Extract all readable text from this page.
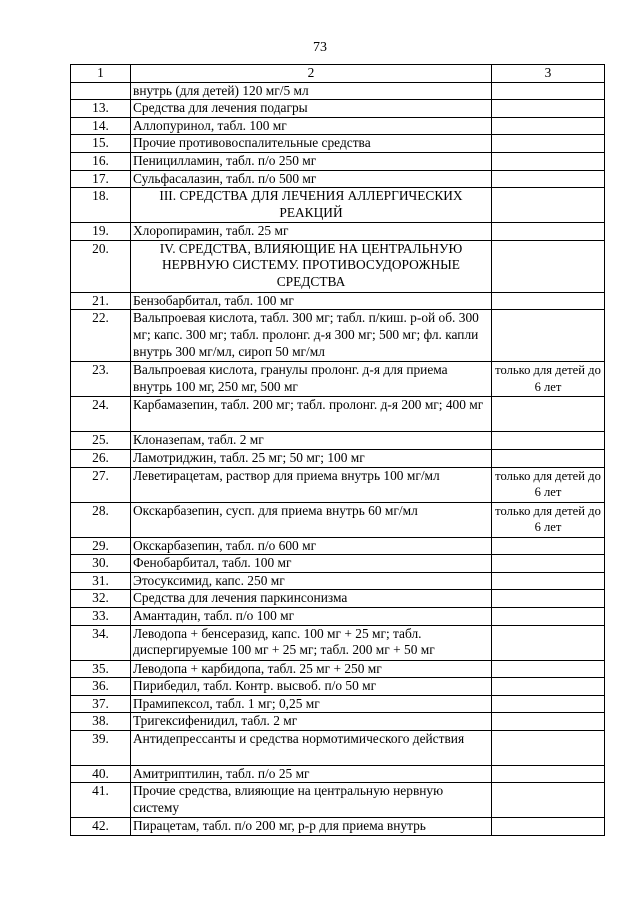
73
1	2	3
	внутрь (для детей) 120 мг/5 мл	
13.	Средства для лечения подагры	
14.	Аллопуринол, табл. 100 мг	
15.	Прочие противовоспалительные средства	
16.	Пеницилламин, табл. п/о 250 мг	
17.	Сульфасалазин, табл. п/о 500 мг	
18.	III. СРЕДСТВА ДЛЯ ЛЕЧЕНИЯ АЛЛЕРГИЧЕСКИХ РЕАКЦИЙ	
19.	Хлоропирамин, табл. 25 мг	
20.	IV. СРЕДСТВА, ВЛИЯЮЩИЕ НА ЦЕНТРАЛЬНУЮ НЕРВНУЮ СИСТЕМУ. ПРОТИВОСУДОРОЖНЫЕ СРЕДСТВА	
21.	Бензобарбитал, табл. 100 мг	
22.	Вальпроевая кислота, табл. 300 мг; табл. п/киш. р-ой об. 300 мг; капс. 300 мг; табл. пролонг. д-я 300 мг; 500 мг; фл. капли внутрь 300 мг/мл, сироп 50 мг/мл	
23.	Вальпроевая кислота, гранулы пролонг. д-я для приема внутрь 100 мг, 250 мг, 500 мг	только для детей до 6 лет
24.	Карбамазепин, табл. 200 мг; табл. пролонг. д-я 200 мг; 400 мг	
25.	Клоназепам, табл. 2 мг	
26.	Ламотриджин, табл. 25 мг; 50 мг; 100 мг	
27.	Леветирацетам, раствор для приема внутрь 100 мг/мл	только для детей до 6 лет
28.	Окскарбазепин, сусп. для приема внутрь 60 мг/мл	только для детей до 6 лет
29.	Окскарбазепин, табл. п/о 600 мг	
30.	Фенобарбитал, табл. 100 мг	
31.	Этосуксимид, капс. 250 мг	
32.	Средства для лечения паркинсонизма	
33.	Амантадин, табл. п/о 100 мг	
34.	Леводопа + бенсеразид, капс. 100 мг + 25 мг; табл. диспергируемые 100 мг + 25 мг; табл. 200 мг + 50 мг	
35.	Леводопа + карбидопа, табл. 25 мг + 250 мг	
36.	Пирибедил, табл. Контр. высвоб. п/о 50 мг	
37.	Прамипексол, табл. 1 мг; 0,25 мг	
38.	Тригексифенидил, табл. 2 мг	
39.	Антидепрессанты и средства нормотимического действия	
40.	Амитриптилин, табл. п/о 25 мг	
41.	Прочие средства, влияющие на центральную нервную систему	
42.	Пирацетам, табл. п/о 200 мг, р-р для приема внутрь	
